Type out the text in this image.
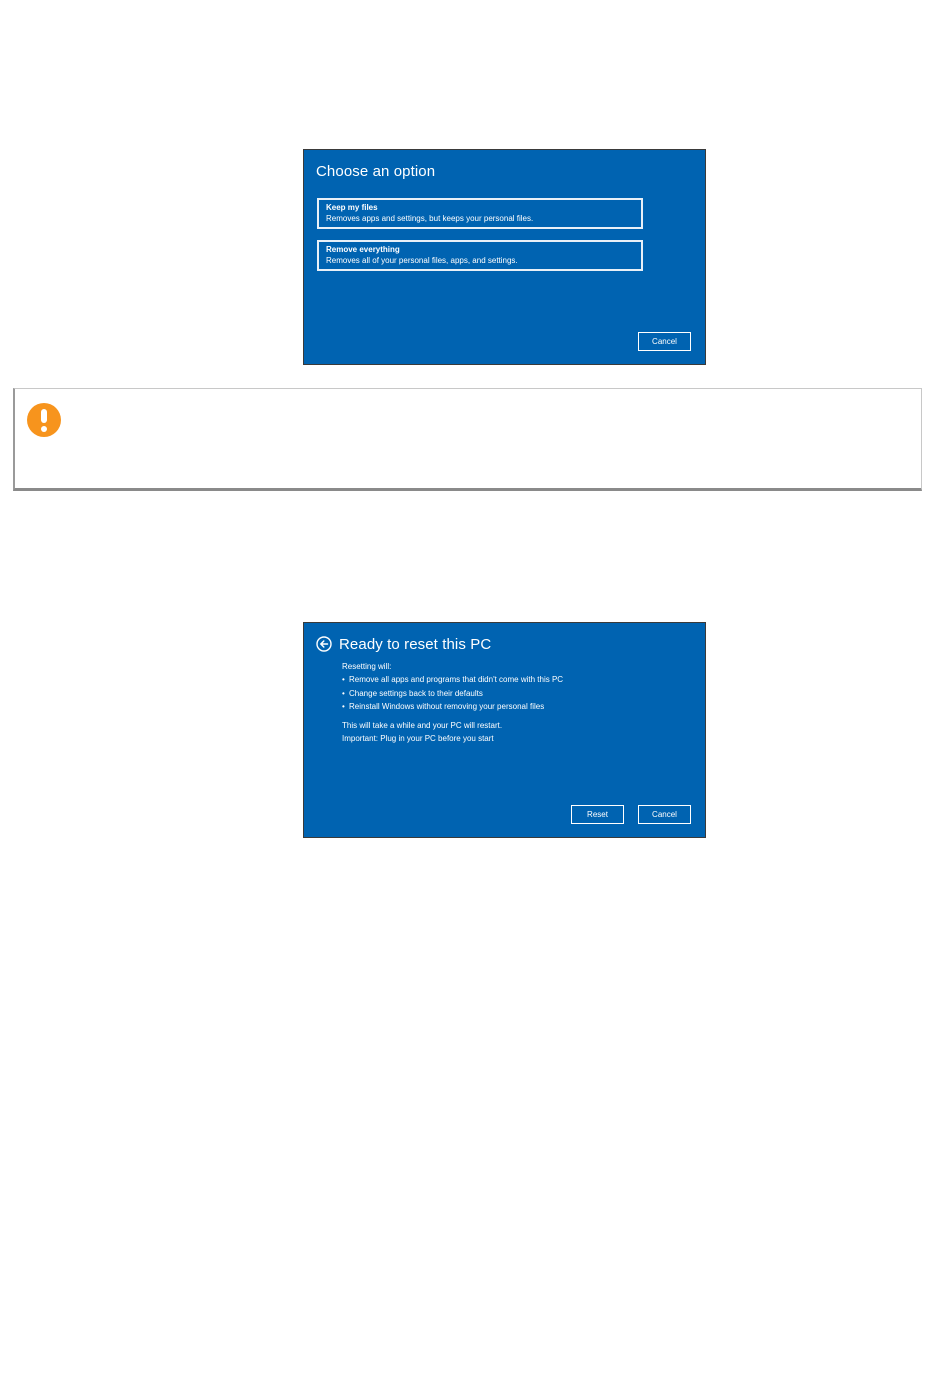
Choose an option
Keep my files
Removes apps and settings, but keeps your personal files.
Remove everything
Removes all of your personal files, apps, and settings.
Cancel
Ready to reset this PC
Resetting will:
• Remove all apps and programs that didn't come with this PC
• Change settings back to their defaults
• Reinstall Windows without removing your personal files
This will take a while and your PC will restart.
Important: Plug in your PC before you start
Reset	Cancel
